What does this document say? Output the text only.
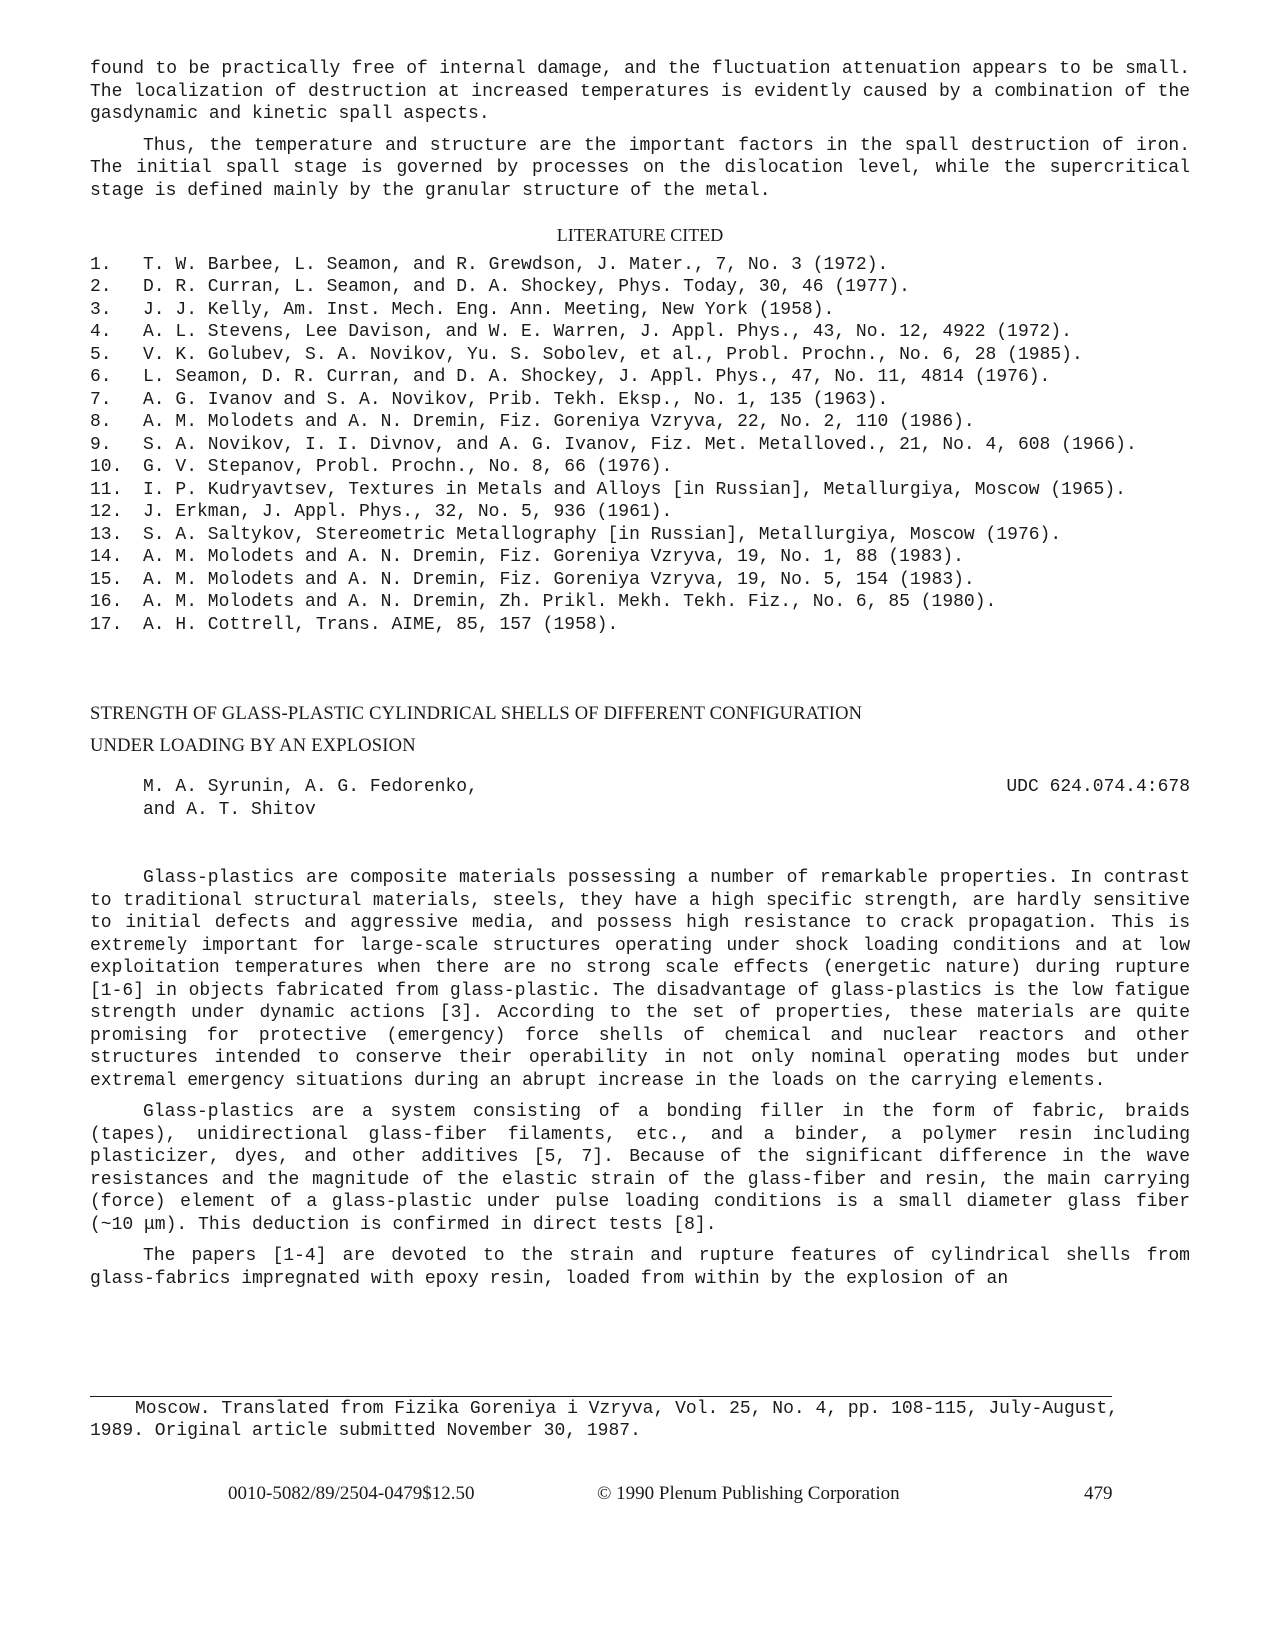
found to be practically free of internal damage, and the fluctuation attenuation appears to be small. The localization of destruction at increased temperatures is evidently caused by a combination of the gasdynamic and kinetic spall aspects.

Thus, the temperature and structure are the important factors in the spall destruction of iron. The initial spall stage is governed by processes on the dislocation level, while the supercritical stage is defined mainly by the granular structure of the metal.

LITERATURE CITED
1.	T. W. Barbee, L. Seamon, and R. Grewdson, J. Mater., 7, No. 3 (1972).
2.	D. R. Curran, L. Seamon, and D. A. Shockey, Phys. Today, 30, 46 (1977).
3.	J. J. Kelly, Am. Inst. Mech. Eng. Ann. Meeting, New York (1958).
4.	A. L. Stevens, Lee Davison, and W. E. Warren, J. Appl. Phys., 43, No. 12, 4922 (1972).
5.	V. K. Golubev, S. A. Novikov, Yu. S. Sobolev, et al., Probl. Prochn., No. 6, 28 (1985).
6.	L. Seamon, D. R. Curran, and D. A. Shockey, J. Appl. Phys., 47, No. 11, 4814 (1976).
7.	A. G. Ivanov and S. A. Novikov, Prib. Tekh. Eksp., No. 1, 135 (1963).
8.	A. M. Molodets and A. N. Dremin, Fiz. Goreniya Vzryva, 22, No. 2, 110 (1986).
9.	S. A. Novikov, I. I. Divnov, and A. G. Ivanov, Fiz. Met. Metalloved., 21, No. 4, 608 (1966).
10.	G. V. Stepanov, Probl. Prochn., No. 8, 66 (1976).
11.	I. P. Kudryavtsev, Textures in Metals and Alloys [in Russian], Metallurgiya, Moscow (1965).
12.	J. Erkman, J. Appl. Phys., 32, No. 5, 936 (1961).
13.	S. A. Saltykov, Stereometric Metallography [in Russian], Metallurgiya, Moscow (1976).
14.	A. M. Molodets and A. N. Dremin, Fiz. Goreniya Vzryva, 19, No. 1, 88 (1983).
15.	A. M. Molodets and A. N. Dremin, Fiz. Goreniya Vzryva, 19, No. 5, 154 (1983).
16.	A. M. Molodets and A. N. Dremin, Zh. Prikl. Mekh. Tekh. Fiz., No. 6, 85 (1980).
17.	A. H. Cottrell, Trans. AIME, 85, 157 (1958).
STRENGTH OF GLASS-PLASTIC CYLINDRICAL SHELLS OF DIFFERENT CONFIGURATION
UNDER LOADING BY AN EXPLOSION
M. A. Syrunin, A. G. Fedorenko,
and A. T. Shitov
UDC 624.074.4:678

Glass-plastics are composite materials possessing a number of remarkable properties. In contrast to traditional structural materials, steels, they have a high specific strength, are hardly sensitive to initial defects and aggressive media, and possess high resistance to crack propagation. This is extremely important for large-scale structures operating under shock loading conditions and at low exploitation temperatures when there are no strong scale effects (energetic nature) during rupture [1-6] in objects fabricated from glass-plastic. The disadvantage of glass-plastics is the low fatigue strength under dynamic actions [3]. According to the set of properties, these materials are quite promising for protective (emergency) force shells of chemical and nuclear reactors and other structures intended to conserve their operability in not only nominal operating modes but under extremal emergency situations during an abrupt increase in the loads on the carrying elements.

Glass-plastics are a system consisting of a bonding filler in the form of fabric, braids (tapes), unidirectional glass-fiber filaments, etc., and a binder, a polymer resin including plasticizer, dyes, and other additives [5, 7]. Because of the significant difference in the wave resistances and the magnitude of the elastic strain of the glass-fiber and resin, the main carrying (force) element of a glass-plastic under pulse loading conditions is a small diameter glass fiber (~10 μm). This deduction is confirmed in direct tests [8].

The papers [1-4] are devoted to the strain and rupture features of cylindrical shells from glass-fabrics impregnated with epoxy resin, loaded from within by the explosion of an

Moscow. Translated from Fizika Goreniya i Vzryva, Vol. 25, No. 4, pp. 108-115, July-August,
1989. Original article submitted November 30, 1987.
0010-5082/89/2504-0479$12.50	© 1990 Plenum Publishing Corporation	479
